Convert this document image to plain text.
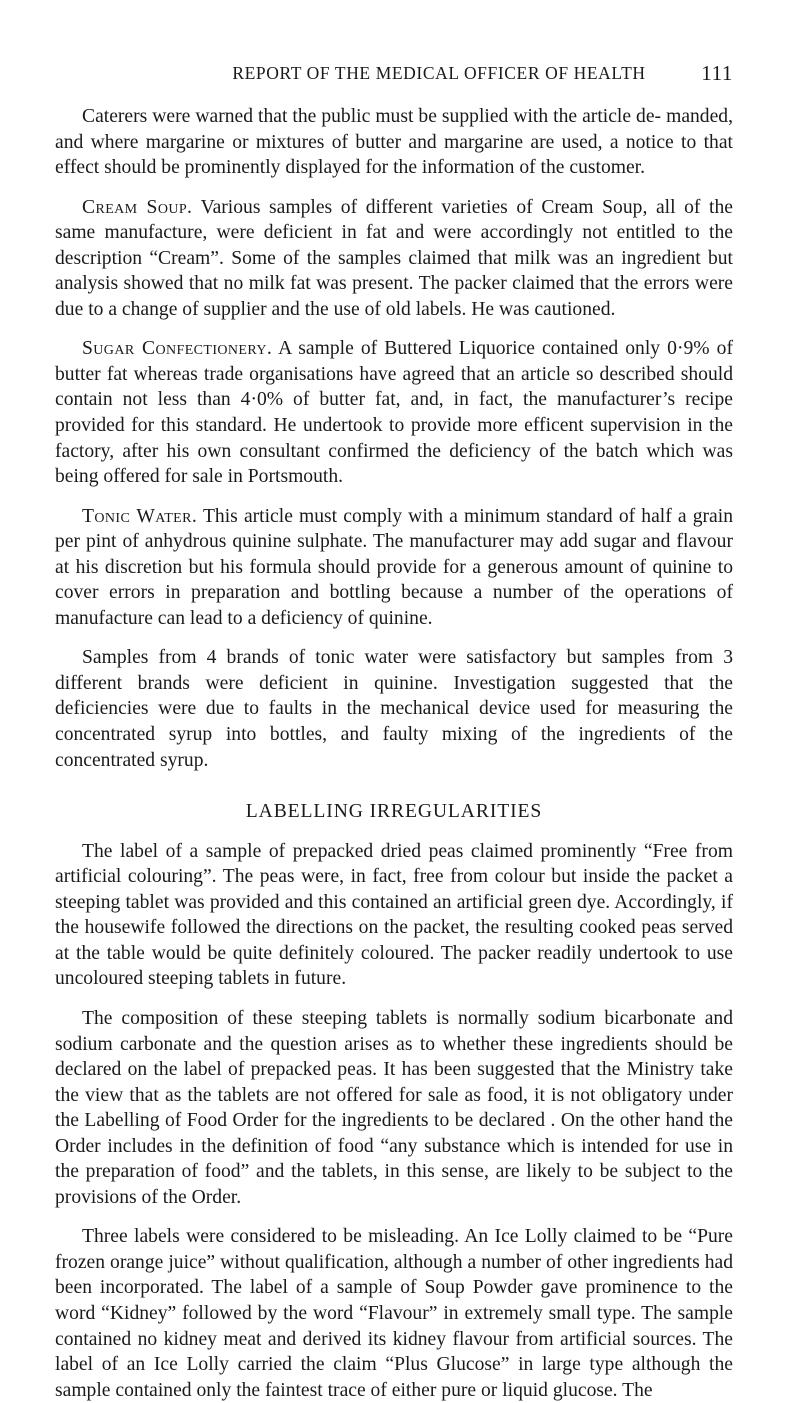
REPORT OF THE MEDICAL OFFICER OF HEALTH	111

Caterers were warned that the public must be supplied with the article de- manded, and where margarine or mixtures of butter and margarine are used, a notice to that effect should be prominently displayed for the information of the customer.

Cream Soup. Various samples of different varieties of Cream Soup, all of the same manufacture, were deficient in fat and were accordingly not entitled to the description “Cream”. Some of the samples claimed that milk was an ingredient but analysis showed that no milk fat was present. The packer claimed that the errors were due to a change of supplier and the use of old labels. He was cautioned.

Sugar Confectionery. A sample of Buttered Liquorice contained only 0·9% of butter fat whereas trade organisations have agreed that an article so described should contain not less than 4·0% of butter fat, and, in fact, the manufacturer’s recipe provided for this standard. He undertook to provide more efficent supervision in the factory, after his own consultant confirmed the deficiency of the batch which was being offered for sale in Portsmouth.

Tonic Water. This article must comply with a minimum standard of half a grain per pint of anhydrous quinine sulphate. The manufacturer may add sugar and flavour at his discretion but his formula should provide for a generous amount of quinine to cover errors in preparation and bottling because a number of the operations of manufacture can lead to a deficiency of quinine.

Samples from 4 brands of tonic water were satisfactory but samples from 3 different brands were deficient in quinine. Investigation suggested that the deficiencies were due to faults in the mechanical device used for measuring the concentrated syrup into bottles, and faulty mixing of the ingredients of the concentrated syrup.

LABELLING IRREGULARITIES

The label of a sample of prepacked dried peas claimed prominently “Free from artificial colouring”. The peas were, in fact, free from colour but inside the packet a steeping tablet was provided and this contained an artificial green dye. Accordingly, if the housewife followed the directions on the packet, the resulting cooked peas served at the table would be quite definitely coloured. The packer readily undertook to use uncoloured steeping tablets in future.

The composition of these steeping tablets is normally sodium bicarbonate and sodium carbonate and the question arises as to whether these ingredients should be declared on the label of prepacked peas. It has been suggested that the Ministry take the view that as the tablets are not offered for sale as food, it is not obligatory under the Labelling of Food Order for the ingredients to be declared . On the other hand the Order includes in the definition of food “any substance which is intended for use in the preparation of food” and the tablets, in this sense, are likely to be subject to the provisions of the Order.

Three labels were considered to be misleading. An Ice Lolly claimed to be “Pure frozen orange juice” without qualification, although a number of other ingredients had been incorporated. The label of a sample of Soup Powder gave prominence to the word “Kidney” followed by the word “Flavour” in extremely small type. The sample contained no kidney meat and derived its kidney flavour from artificial sources. The label of an Ice Lolly carried the claim “Plus Glucose” in large type although the sample contained only the faintest trace of either pure or liquid glucose. The
